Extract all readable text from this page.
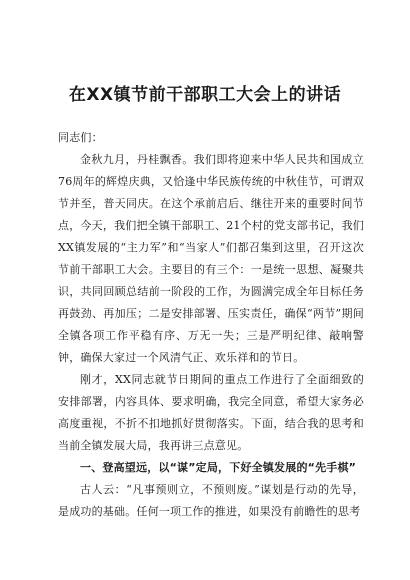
在XX镇节前干部职工大会上的讲话

同志们：

金秋九月，丹桂飘香。我们即将迎来中华人民共和国成立76周年的辉煌庆典，又恰逢中华民族传统的中秋佳节，可谓双节并至，普天同庆。在这个承前启后、继往开来的重要时间节点，今天，我们把全镇干部职工、21个村的党支部书记，我们XX镇发展的“主力军”和“当家人”们都召集到这里，召开这次节前干部职工大会。主要目的有三个：一是统一思想、凝聚共识，共同回顾总结前一阶段的工作，为圆满完成全年目标任务再鼓劲、再加压；二是安排部署、压实责任，确保“两节”期间全镇各项工作平稳有序、万无一失；三是严明纪律、敲响警钟，确保大家过一个风清气正、欢乐祥和的节日。

刚才，XX同志就节日期间的重点工作进行了全面细致的安排部署，内容具体、要求明确，我完全同意，希望大家务必高度重视，不折不扣地抓好贯彻落实。下面，结合我的思考和当前全镇发展大局，我再讲三点意见。

一、登高望远，以“谋”定局，下好全镇发展的“先手棋”

古人云：“凡事预则立，不预则废。”谋划是行动的先导，是成功的基础。任何一项工作的推进，如果没有前瞻性的思考
